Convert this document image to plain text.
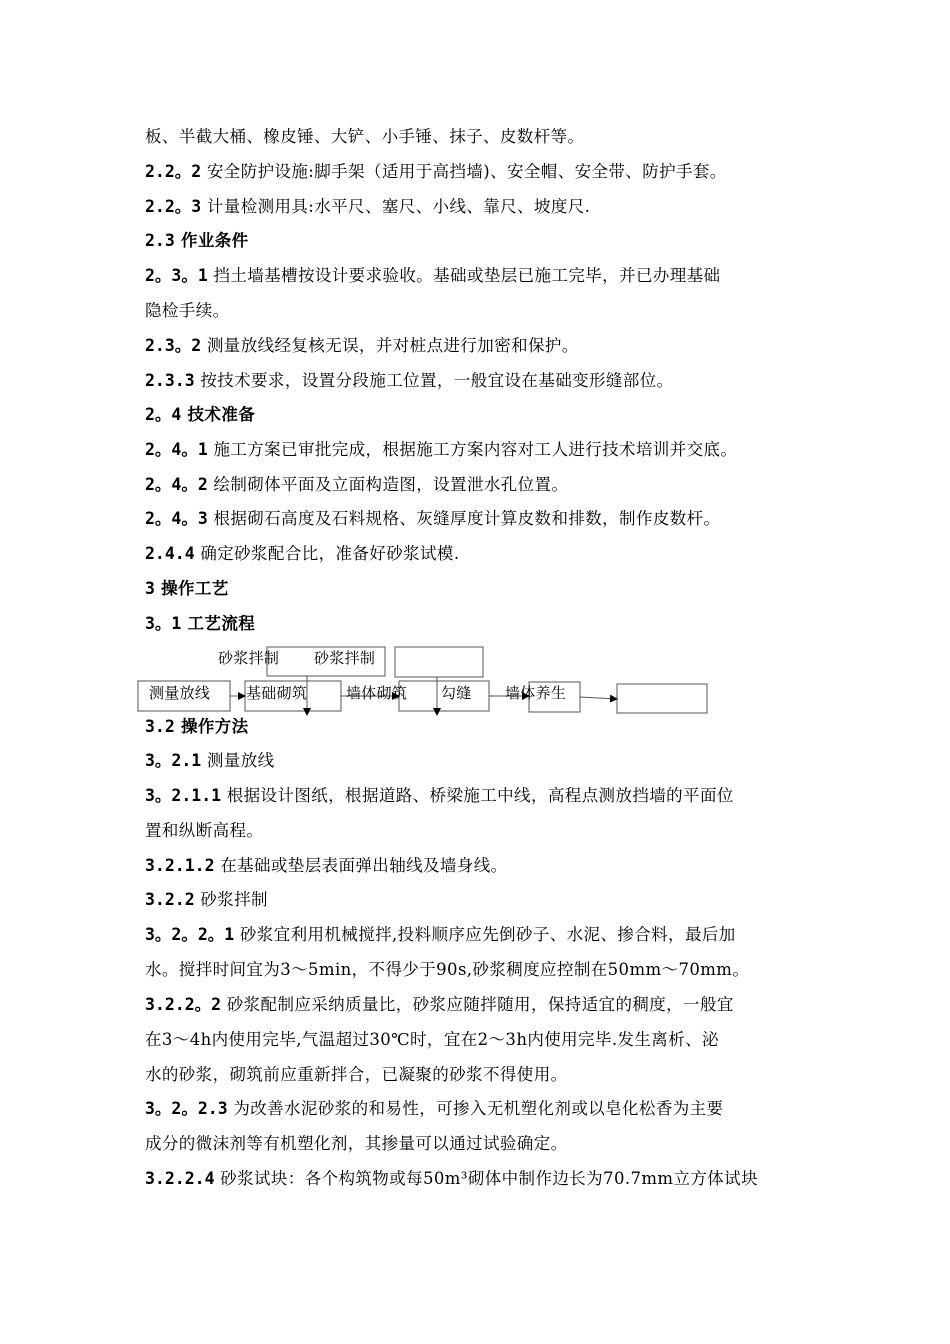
板、半截大桶、橡皮锤、大铲、小手锤、抹子、皮数杆等。
2.2。2 安全防护设施:脚手架（适用于高挡墙)、安全帽、安全带、防护手套。
2.2。3 计量检测用具:水平尺、塞尺、小线、靠尺、坡度尺.
2.3 作业条件
2。3。1 挡土墙基槽按设计要求验收。基础或垫层已施工完毕，并已办理基础
隐检手续。
2.3。2 测量放线经复核无误，并对桩点进行加密和保护。
2.3.3 按技术要求，设置分段施工位置，一般宜设在基础变形缝部位。
2。4 技术准备
2。4。1 施工方案已审批完成，根据施工方案内容对工人进行技术培训并交底。
2。4。2 绘制砌体平面及立面构造图，设置泄水孔位置。
2。4。3 根据砌石高度及石料规格、灰缝厚度计算皮数和排数，制作皮数杆。
2.4.4 确定砂浆配合比，准备好砂浆试模.
3 操作工艺
3。1 工艺流程
砂浆拌制 砂浆拌制
测量放线 基础砌筑	墙体砌筑 勾缝 墙体养生
3.2 操作方法
3。2.1 测量放线
3。2.1.1 根据设计图纸，根据道路、桥梁施工中线，高程点测放挡墙的平面位
置和纵断高程。
3.2.1.2 在基础或垫层表面弹出轴线及墙身线。
3.2.2 砂浆拌制
3。2。2。1 砂浆宜利用机械搅拌,投料顺序应先倒砂子、水泥、掺合料，最后加
水。搅拌时间宜为3～5min，不得少于90s,砂浆稠度应控制在50mm～70mm。
3.2.2。2 砂浆配制应采纳质量比，砂浆应随拌随用，保持适宜的稠度，一般宜
在3～4h内使用完毕,气温超过30℃时，宜在2～3h内使用完毕.发生离析、泌
水的砂浆，砌筑前应重新拌合，已凝聚的砂浆不得使用。
3。2。2.3 为改善水泥砂浆的和易性，可掺入无机塑化剂或以皂化松香为主要
成分的微沫剂等有机塑化剂，其掺量可以通过试验确定。
3.2.2.4 砂浆试块：各个构筑物或每50m³砌体中制作边长为70.7mm立方体试块
